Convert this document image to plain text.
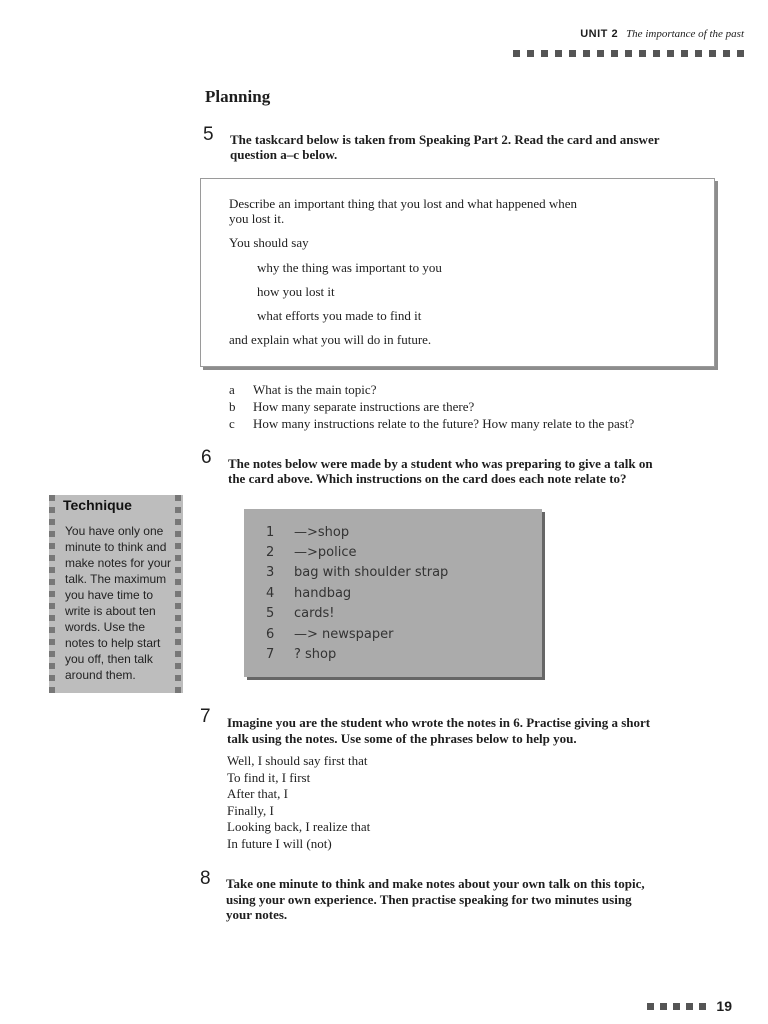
UNIT 2 The importance of the past
Planning
5 The taskcard below is taken from Speaking Part 2. Read the card and answer
question a–c below.
Describe an important thing that you lost and what happened when
you lost it.
You should say
why the thing was important to you
how you lost it
what efforts you made to find it
and explain what you will do in future.
a What is the main topic?
b How many separate instructions are there?
c How many instructions relate to the future? How many relate to the past?
6 The notes below were made by a student who was preparing to give a talk on
the card above. Which instructions on the card does each note relate to?
Technique
You have only one
minute to think and
make notes for your
talk. The maximum
you have time to
write is about ten
words. Use the
notes to help start
you off, then talk
around them.
1 —>shop
2 —>police
3 bag with shoulder strap
4 handbag
5 cards!
6 —> newspaper
7 ? shop
7 Imagine you are the student who wrote the notes in 6. Practise giving a short
talk using the notes. Use some of the phrases below to help you.
Well, I should say first that
To find it, I first
After that, I
Finally, I
Looking back, I realize that
In future I will (not)
8 Take one minute to think and make notes about your own talk on this topic,
using your own experience. Then practise speaking for two minutes using
your notes.
19
